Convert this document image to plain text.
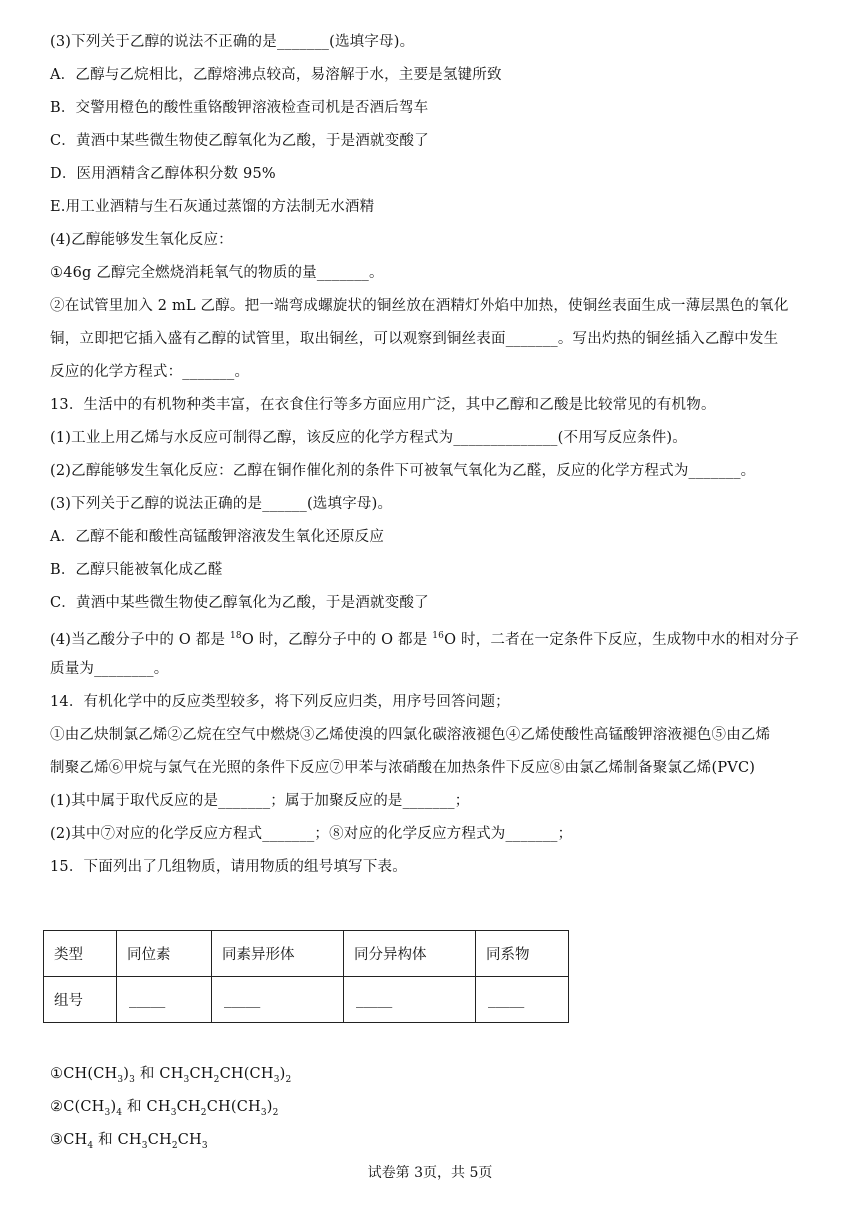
(3)下列关于乙醇的说法不正确的是_______(选填字母)。
A．乙醇与乙烷相比，乙醇熔沸点较高，易溶解于水，主要是氢键所致
B．交警用橙色的酸性重铬酸钾溶液检查司机是否酒后驾车
C．黄酒中某些微生物使乙醇氧化为乙酸，于是酒就变酸了
D．医用酒精含乙醇体积分数 95%
E.用工业酒精与生石灰通过蒸馏的方法制无水酒精
(4)乙醇能够发生氧化反应：
①46g 乙醇完全燃烧消耗氧气的物质的量_______。
②在试管里加入 2 mL 乙醇。把一端弯成螺旋状的铜丝放在酒精灯外焰中加热，使铜丝表面生成一薄层黑色的氧化
铜，立即把它插入盛有乙醇的试管里，取出铜丝，可以观察到铜丝表面_______。写出灼热的铜丝插入乙醇中发生
反应的化学方程式：_______。
13．生活中的有机物种类丰富，在衣食住行等多方面应用广泛，其中乙醇和乙酸是比较常见的有机物。
(1)工业上用乙烯与水反应可制得乙醇，该反应的化学方程式为______________(不用写反应条件)。
(2)乙醇能够发生氧化反应：乙醇在铜作催化剂的条件下可被氧气氧化为乙醛，反应的化学方程式为_______。
(3)下列关于乙醇的说法正确的是______(选填字母)。
A．乙醇不能和酸性高锰酸钾溶液发生氧化还原反应
B．乙醇只能被氧化成乙醛
C．黄酒中某些微生物使乙醇氧化为乙酸，于是酒就变酸了
(4)当乙酸分子中的 O 都是 $^{18}$O 时，乙醇分子中的 O 都是 $^{16}$O 时，二者在一定条件下反应，生成物中水的相对分子
质量为________。
14．有机化学中的反应类型较多，将下列反应归类，用序号回答问题；
①由乙炔制氯乙烯②乙烷在空气中燃烧③乙烯使溴的四氯化碳溶液褪色④乙烯使酸性高锰酸钾溶液褪色⑤由乙烯
制聚乙烯⑥甲烷与氯气在光照的条件下反应⑦甲苯与浓硝酸在加热条件下反应⑧由氯乙烯制备聚氯乙烯(PVC)
(1)其中属于取代反应的是_______；属于加聚反应的是_______；
(2)其中⑦对应的化学反应方程式_______；⑧对应的化学反应方程式为_______；
15．下面列出了几组物质，请用物质的组号填写下表。
类型	同位素	同素异形体	同分异构体	同系物
组号	_____	_____	_____	_____
$①CH(CH_3)_3$ 和 $CH_3CH_2CH(CH_3)_2$
$②C(CH_3)_4$ 和 $CH_3CH_2CH(CH_3)_2$
$③CH_4$ 和 $CH_3CH_2CH_3$
试卷第 3页，共 5页
